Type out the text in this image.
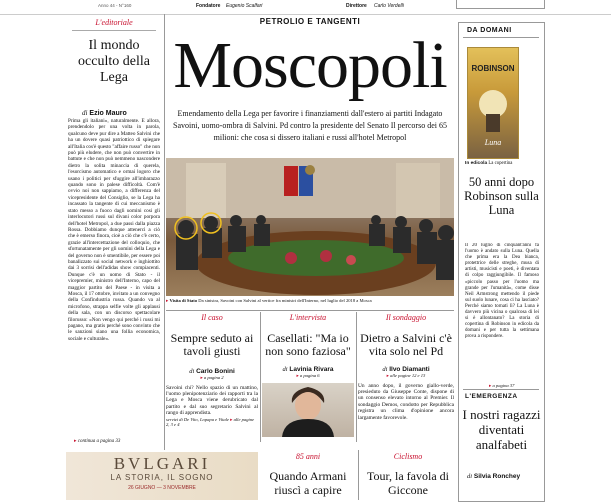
Anno 44 - N°160	Fondatore Eugenio Scalfari	Direttore Carlo Verdelli
L'editoriale
Il mondo occulto della Lega
di Ezio Mauro
Prima gli italiani», naturalmente. E allora, prendendolo per una volta in parola, qualcuno deve pur dire a Matteo Salvini che ha un dovere quasi patriottico di spiegare all'Italia cos'è questo "affaire russo" che non può più eludere, che non può convertire in battute e che non può nemmeno nascondere dietro la solita minaccia di querela, l'esorcismo automatico e ormai logoro che usano i politici per sfuggire all'imbarazzo quando sono in palese difficoltà. Com'è ovvio noi non sappiamo, a differenza del vicepresidente del Consiglio, se la Lega ha incassato la tangente di cui meccanismo è stato messo a fuoco dagli uomini cosi gli interlocutori russi sul divani color porpora dell'hotel Metropol, a due passi dalla piazza Rossa. Dobbiamo dunque attenerci a ciò che è emerso finora, cioè a ciò che c'è certo, grazie all'intercettazione del colloquio, che sfortunatamente per gli uomini della Lega e del governo non è smentibile, per essere poi banalizzato sui social network e inghiottito dai 3 sorrisi dell'adidas show compiacenti. Dunque c'è un uomo di Stato - il vicepremier, ministro dell'Interno, capo del maggior partito del Paese - in visita a Mosca, il 17 ottobre, invitato a un convegno della Confindustria russa. Quando va al microfono, strappa selfie volte gli applausi della sala, con un discorso spettacolare filorusso: «Non vengo qui perché i russi mi pagano, ma gratis perché sono convinto che le sanzioni siano una follia economica, sociale e culturale».
▸ continua a pagina 33
PETROLIO E TANGENTI
Moscopoli
Emendamento della Lega per favorire i finanziamenti dall'estero ai partiti Indagato Savoini, uomo-ombra di Salvini. Pd contro la presidente del Senato Il percorso dei 65 milioni: che cosa si dissero italiani e russi all'hotel Metropol
▸ Visita di Stato Da sinistra, Savoini con Salvini al vertice fra ministri dell'Interno, nel luglio del 2018 a Mosca
Il caso
Sempre seduto ai tavoli giusti
di Carlo Bonini
▸ a pagina 2
Savoini chi? Nello spazio di un mattino, l'uomo plenipotenziario dei rapporti tra la Lega e Mosca viene derubricato dal partito e dal suo segretario Salvini al rango di apprendista.
servizi di De Vito, Lopapa e Vitale ▸ alle pagine 2, 3 e 4
L'intervista
Casellati: "Ma io non sono faziosa"
di Lavinia Rivara
▸ a pagina 6
Il sondaggio
Dietro a Salvini c'è vita solo nel Pd
di Ilvo Diamanti
▸ alle pagine 12 e 13
Un anno dopo, il governo giallo-verde, presieduto da Giuseppe Conte, dispone di un consenso elevato intorno al Premier. Il sondaggio Demos, condotto per Repubblica registra un clima d'opinione ancora largamente favorevole.
BVLGARI
LA STORIA, IL SOGNO
26 GIUGNO — 3 NOVEMBRE
85 anni
Quando Armani riuscì a capire
Ciclismo
Tour, la favola di Giccone
DA DOMANI
ROBINSON
Luna
In edicola La copertina
50 anni dopo Robinson sulla Luna
Il 20 luglio di cinquant'anni fa l'uomo è andato sulla Luna. Quella che prima era la Dea bianca, protettrice delle streghe, musa di artisti, musicisti e poeti, è diventata di colpo raggiungibile. Il famoso «piccolo passo per l'uomo ma grande per l'umanità», come disse Neil Armstrong mettendo il piede sul suolo lunare, cosa ci ha lasciato? Perché siamo tornati lì? La Luna è davvero più vicina o qualcosa di lei si è allontanato? La storia di copertina di Robinson in edicola da domani e per tutta la settimana prova a rispondere.
▸ a pagina 37
L'EMERGENZA
I nostri ragazzi diventati analfabeti
di Silvia Ronchey
